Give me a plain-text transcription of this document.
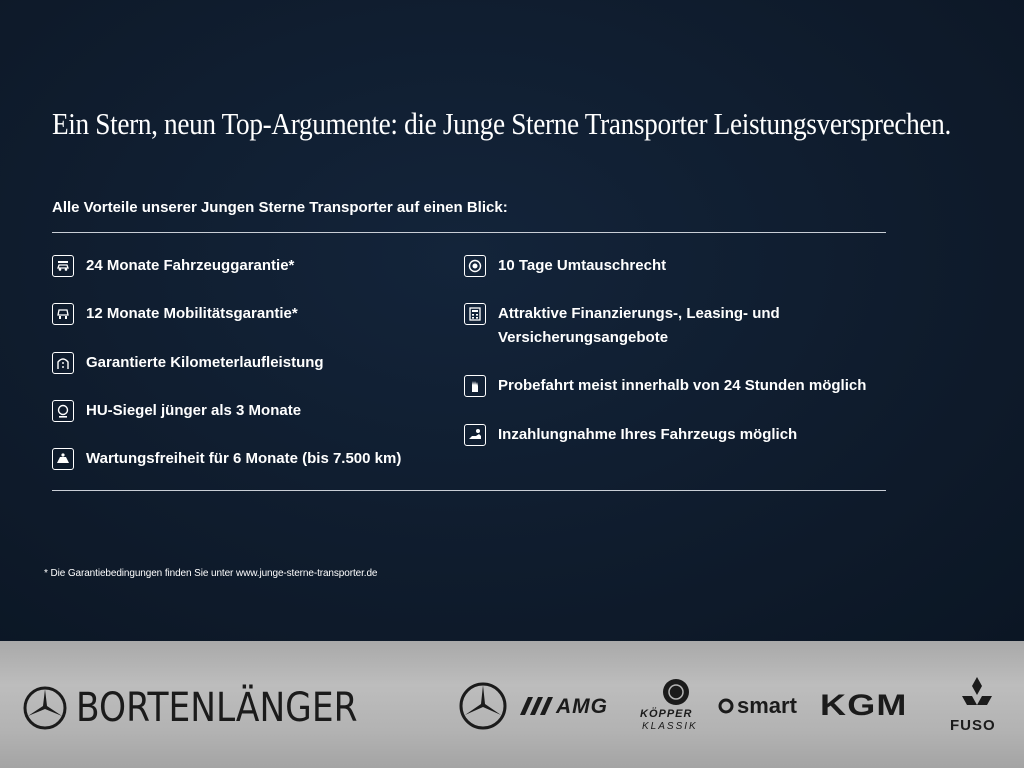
Ein Stern, neun Top-Argumente: die Junge Sterne Transporter Leistungsversprechen.
Alle Vorteile unserer Jungen Sterne Transporter auf einen Blick:
24 Monate Fahrzeuggarantie*
12 Monate Mobilitätsgarantie*
Garantierte Kilometerlaufleistung
HU-Siegel jünger als 3 Monate
Wartungsfreiheit für 6 Monate (bis 7.500 km)
10 Tage Umtauschrecht
Attraktive Finanzierungs-, Leasing- und
Versicherungsangebote
Probefahrt meist innerhalb von 24 Stunden möglich
Inzahlungnahme Ihres Fahrzeugs möglich
* Die Garantiebedingungen finden Sie unter www.junge-sterne-transporter.de
BORTENLÄNGER	AMG	KÖPPER
KLASSIK
smart KGM
FUSO
